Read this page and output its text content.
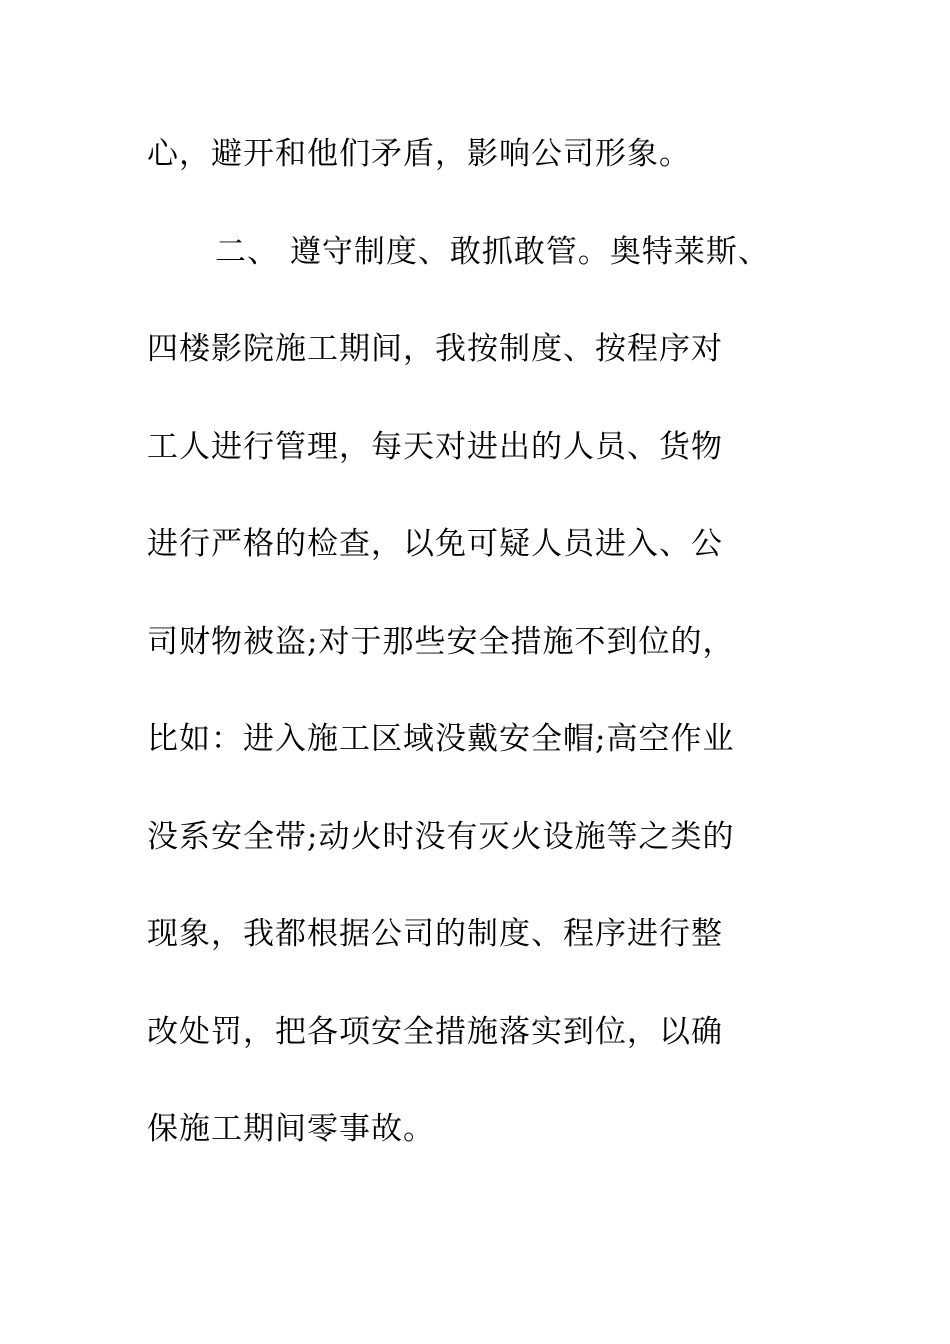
心，避开和他们矛盾，影响公司形象。
二、 遵守制度、敢抓敢管。奥特莱斯、
四楼影院施工期间，我按制度、按程序对
工人进行管理，每天对进出的人员、货物
进行严格的检查，以免可疑人员进入、公
司财物被盗;对于那些安全措施不到位的，
比如：进入施工区域没戴安全帽;高空作业
没系安全带;动火时没有灭火设施等之类的
现象，我都根据公司的制度、程序进行整
改处罚，把各项安全措施落实到位，以确
保施工期间零事故。
